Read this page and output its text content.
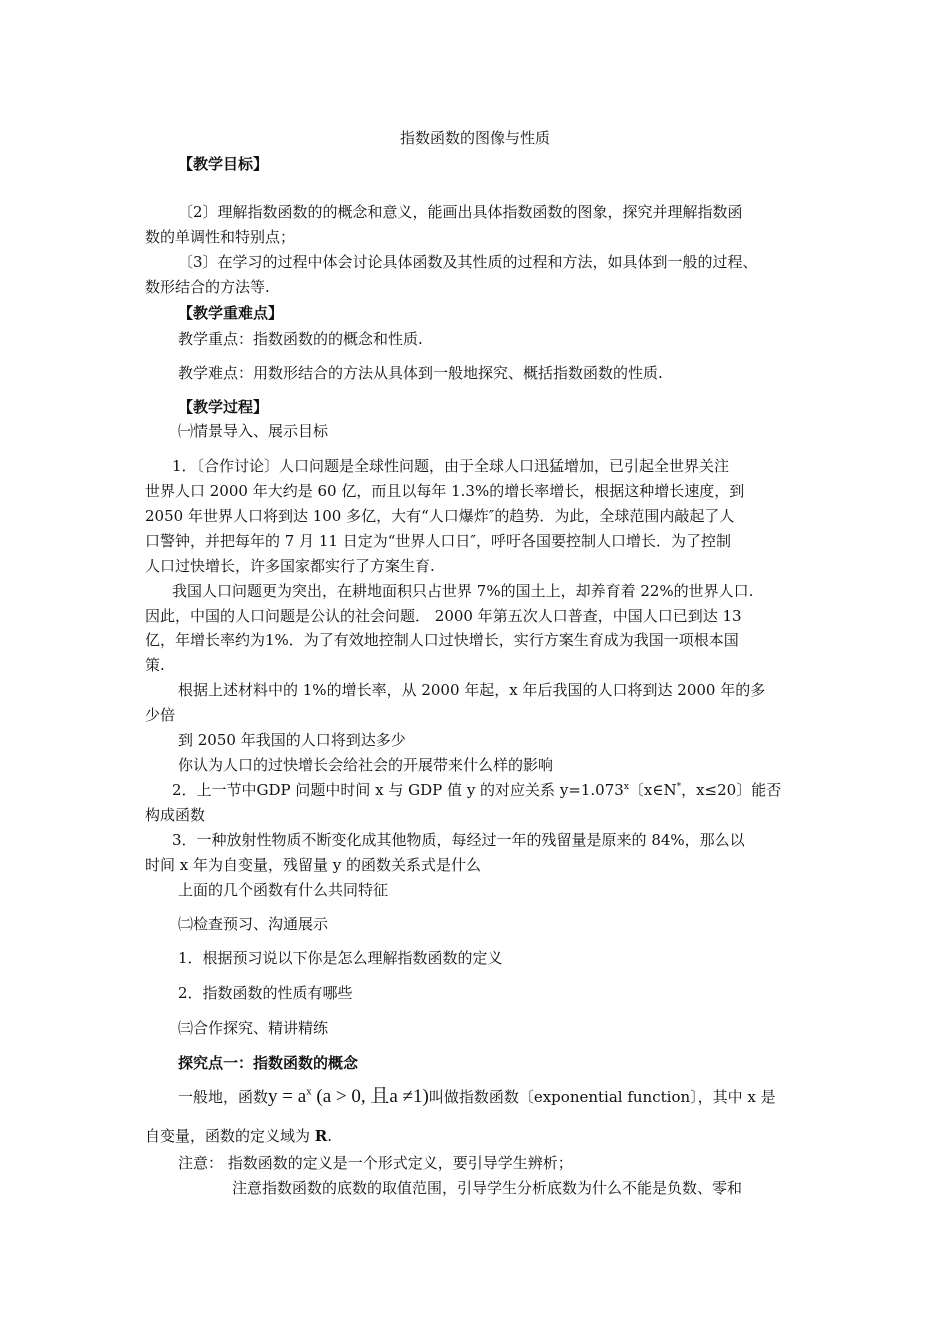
指数函数的图像与性质
【教学目标】
〔2〕理解指数函数的的概念和意义，能画出具体指数函数的图象，探究并理解指数函
数的单调性和特别点；
〔3〕在学习的过程中体会讨论具体函数及其性质的过程和方法，如具体到一般的过程、
数形结合的方法等.
【教学重难点】
教学重点：指数函数的的概念和性质.
教学难点：用数形结合的方法从具体到一般地探究、概括指数函数的性质.
【教学过程】
㈠情景导入、展示目标
1．〔合作讨论〕人口问题是全球性问题，由于全球人口迅猛增加，已引起全世界关注
世界人口 2000 年大约是 60 亿，而且以每年 1.3%的增长率增长，根据这种增长速度，到
2050 年世界人口将到达 100 多亿，大有“人口爆炸″的趋势．为此，全球范围内敲起了人
口警钟，并把每年的 7 月 11 日定为“世界人口日″，呼吁各国要控制人口增长．为了控制
人口过快增长，许多国家都实行了方案生育.
我国人口问题更为突出，在耕地面积只占世界 7%的国土上，却养育着 22%的世界人口.
因此，中国的人口问题是公认的社会问题． 2000 年第五次人口普查，中国人口已到达 13
亿，年增长率约为1%．为了有效地控制人口过快增长，实行方案生育成为我国一项根本国
策.
根据上述材料中的 1%的增长率，从 2000 年起，x 年后我国的人口将到达 2000 年的多
少倍
到 2050 年我国的人口将到达多少
你认为人口的过快增长会给社会的开展带来什么样的影响
2．上一节中GDP 问题中时间 x 与 GDP 值 y 的对应关系 $y=1.073^x$〔x∈N*，x≤20〕能否
构成函数
3．一种放射性物质不断变化成其他物质，每经过一年的残留量是原来的 84%，那么以
时间 x 年为自变量，残留量 y 的函数关系式是什么
上面的几个函数有什么共同特征
㈡检查预习、沟通展示
1．根据预习说以下你是怎么理解指数函数的定义
2．指数函数的性质有哪些
㈢合作探究、精讲精练
探究点一：指数函数的概念
一般地，函数$y = a^x$ (a > 0, 且a ≠1)叫做指数函数〔exponential function〕，其中 x 是
自变量，函数的定义域为 R.
注意： 指数函数的定义是一个形式定义，要引导学生辨析；
注意指数函数的底数的取值范围，引导学生分析底数为什么不能是负数、零和
